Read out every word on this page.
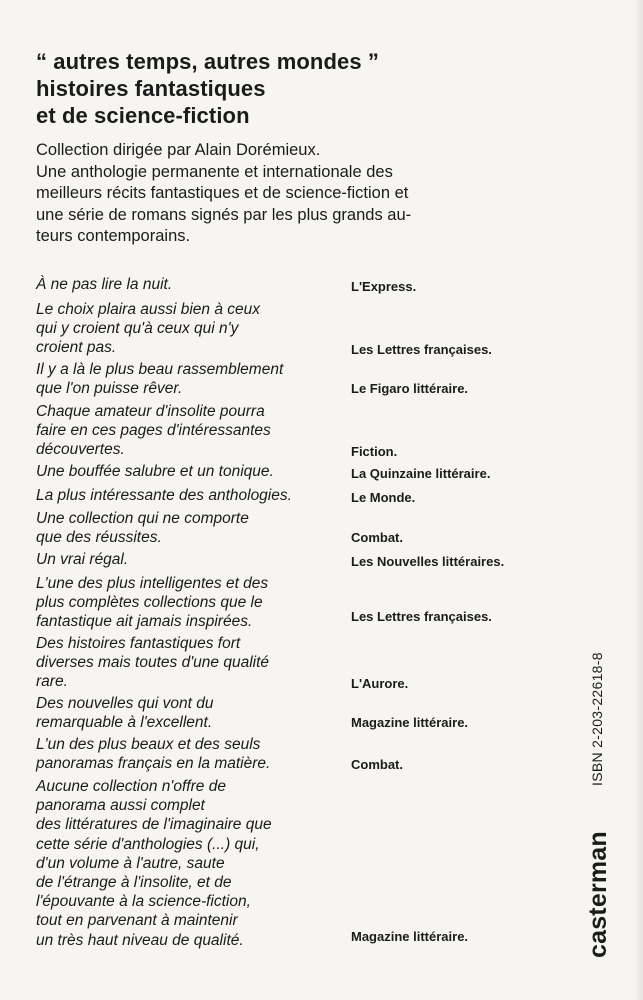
“ autres temps, autres mondes ”
histoires fantastiques
et de science-fiction
Collection dirigée par Alain Dorémieux.
Une anthologie permanente et internationale des
meilleurs récits fantastiques et de science-fiction et
une série de romans signés par les plus grands au-
teurs contemporains.
À ne pas lire la nuit.	L'Express.
Le choix plaira aussi bien à ceux
qui y croient qu'à ceux qui n'y
croient pas.	Les Lettres françaises.
Il y a là le plus beau rassemblement
que l'on puisse rêver.	Le Figaro littéraire.
Chaque amateur d'insolite pourra
faire en ces pages d'intéressantes
découvertes.	Fiction.
Une bouffée salubre et un tonique.	La Quinzaine littéraire.
La plus intéressante des anthologies.	Le Monde.
Une collection qui ne comporte
que des réussites.	Combat.
Un vrai régal.	Les Nouvelles littéraires.
L'une des plus intelligentes et des
plus complètes collections que le
fantastique ait jamais inspirées.	Les Lettres françaises.
Des histoires fantastiques fort
diverses mais toutes d'une qualité
rare.	L'Aurore.
Des nouvelles qui vont du
remarquable à l'excellent.	Magazine littéraire.
L'un des plus beaux et des seuls
panoramas français en la matière.	Combat.
Aucune collection n'offre de
panorama aussi complet
des littératures de l'imaginaire que
cette série d'anthologies (...) qui,
d'un volume à l'autre, saute
de l'étrange à l'insolite, et de
l'épouvante à la science-fiction,
tout en parvenant à maintenir
un très haut niveau de qualité.	Magazine littéraire.	casterman
ISBN 2-203-22618-8
